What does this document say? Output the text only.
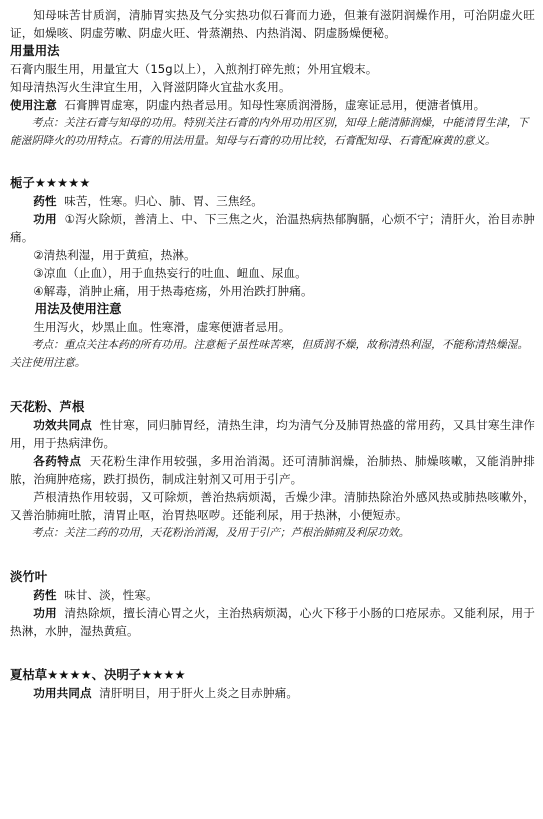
知母味苦甘质润，清肺胃实热及气分实热功似石膏而力逊，但兼有滋阴润燥作用，可治阴虚火旺证，如燥咳、阴虚劳嗽、阴虚火旺、骨蒸潮热、内热消渴、阴虚肠燥便秘。

用量用法

石膏内服生用，用量宜大（15g以上），入煎剂打碎先煎；外用宜煅末。

知母清热泻火生津宜生用，入肾滋阴降火宜盐水炙用。

使用注意 石膏脾胃虚寒，阴虚内热者忌用。知母性寒质润滑肠，虚寒证忌用，便溏者慎用。

考点：关注石膏与知母的功用。特别关注石膏的内外用功用区别，知母上能清肺润燥，中能清胃生津，下能滋阴降火的功用特点。石膏的用法用量。知母与石膏的功用比较，石膏配知母、石膏配麻黄的意义。

栀子★★★★★

药性 味苦，性寒。归心、肺、胃、三焦经。

功用 ①泻火除烦，善清上、中、下三焦之火，治温热病热郁胸膈，心烦不宁；清肝火，治目赤肿痛。

②清热利湿，用于黄疸，热淋。

③凉血（止血），用于血热妄行的吐血、衄血、尿血。

④解毒，消肿止痛，用于热毒疮疡，外用治跌打肿痛。

用法及使用注意

生用泻火，炒黑止血。性寒滑，虚寒便溏者忌用。

考点：重点关注本药的所有功用。注意栀子虽性味苦寒，但质润不燥，故称清热利湿，不能称清热燥湿。关注使用注意。

天花粉、芦根

功效共同点 性甘寒，同归肺胃经，清热生津，均为清气分及肺胃热盛的常用药，又具甘寒生津作用，用于热病津伤。

各药特点 天花粉生津作用较强，多用治消渴。还可清肺润燥，治肺热、肺燥咳嗽，又能消肿排脓，治痈肿疮疡，跌打损伤，制成注射剂又可用于引产。

芦根清热作用较弱，又可除烦，善治热病烦渴，舌燥少津。清肺热除治外感风热或肺热咳嗽外，又善治肺痈吐脓，清胃止呕，治胃热呕哕。还能利尿，用于热淋，小便短赤。

考点：关注二药的功用，天花粉治消渴，及用于引产；芦根治肺痈及利尿功效。

淡竹叶

药性 味甘、淡，性寒。

功用 清热除烦，擅长清心胃之火，主治热病烦渴，心火下移于小肠的口疮尿赤。又能利尿，用于热淋，水肿，湿热黄疸。

夏枯草★★★★、决明子★★★★

功用共同点 清肝明目，用于肝火上炎之目赤肿痛。
